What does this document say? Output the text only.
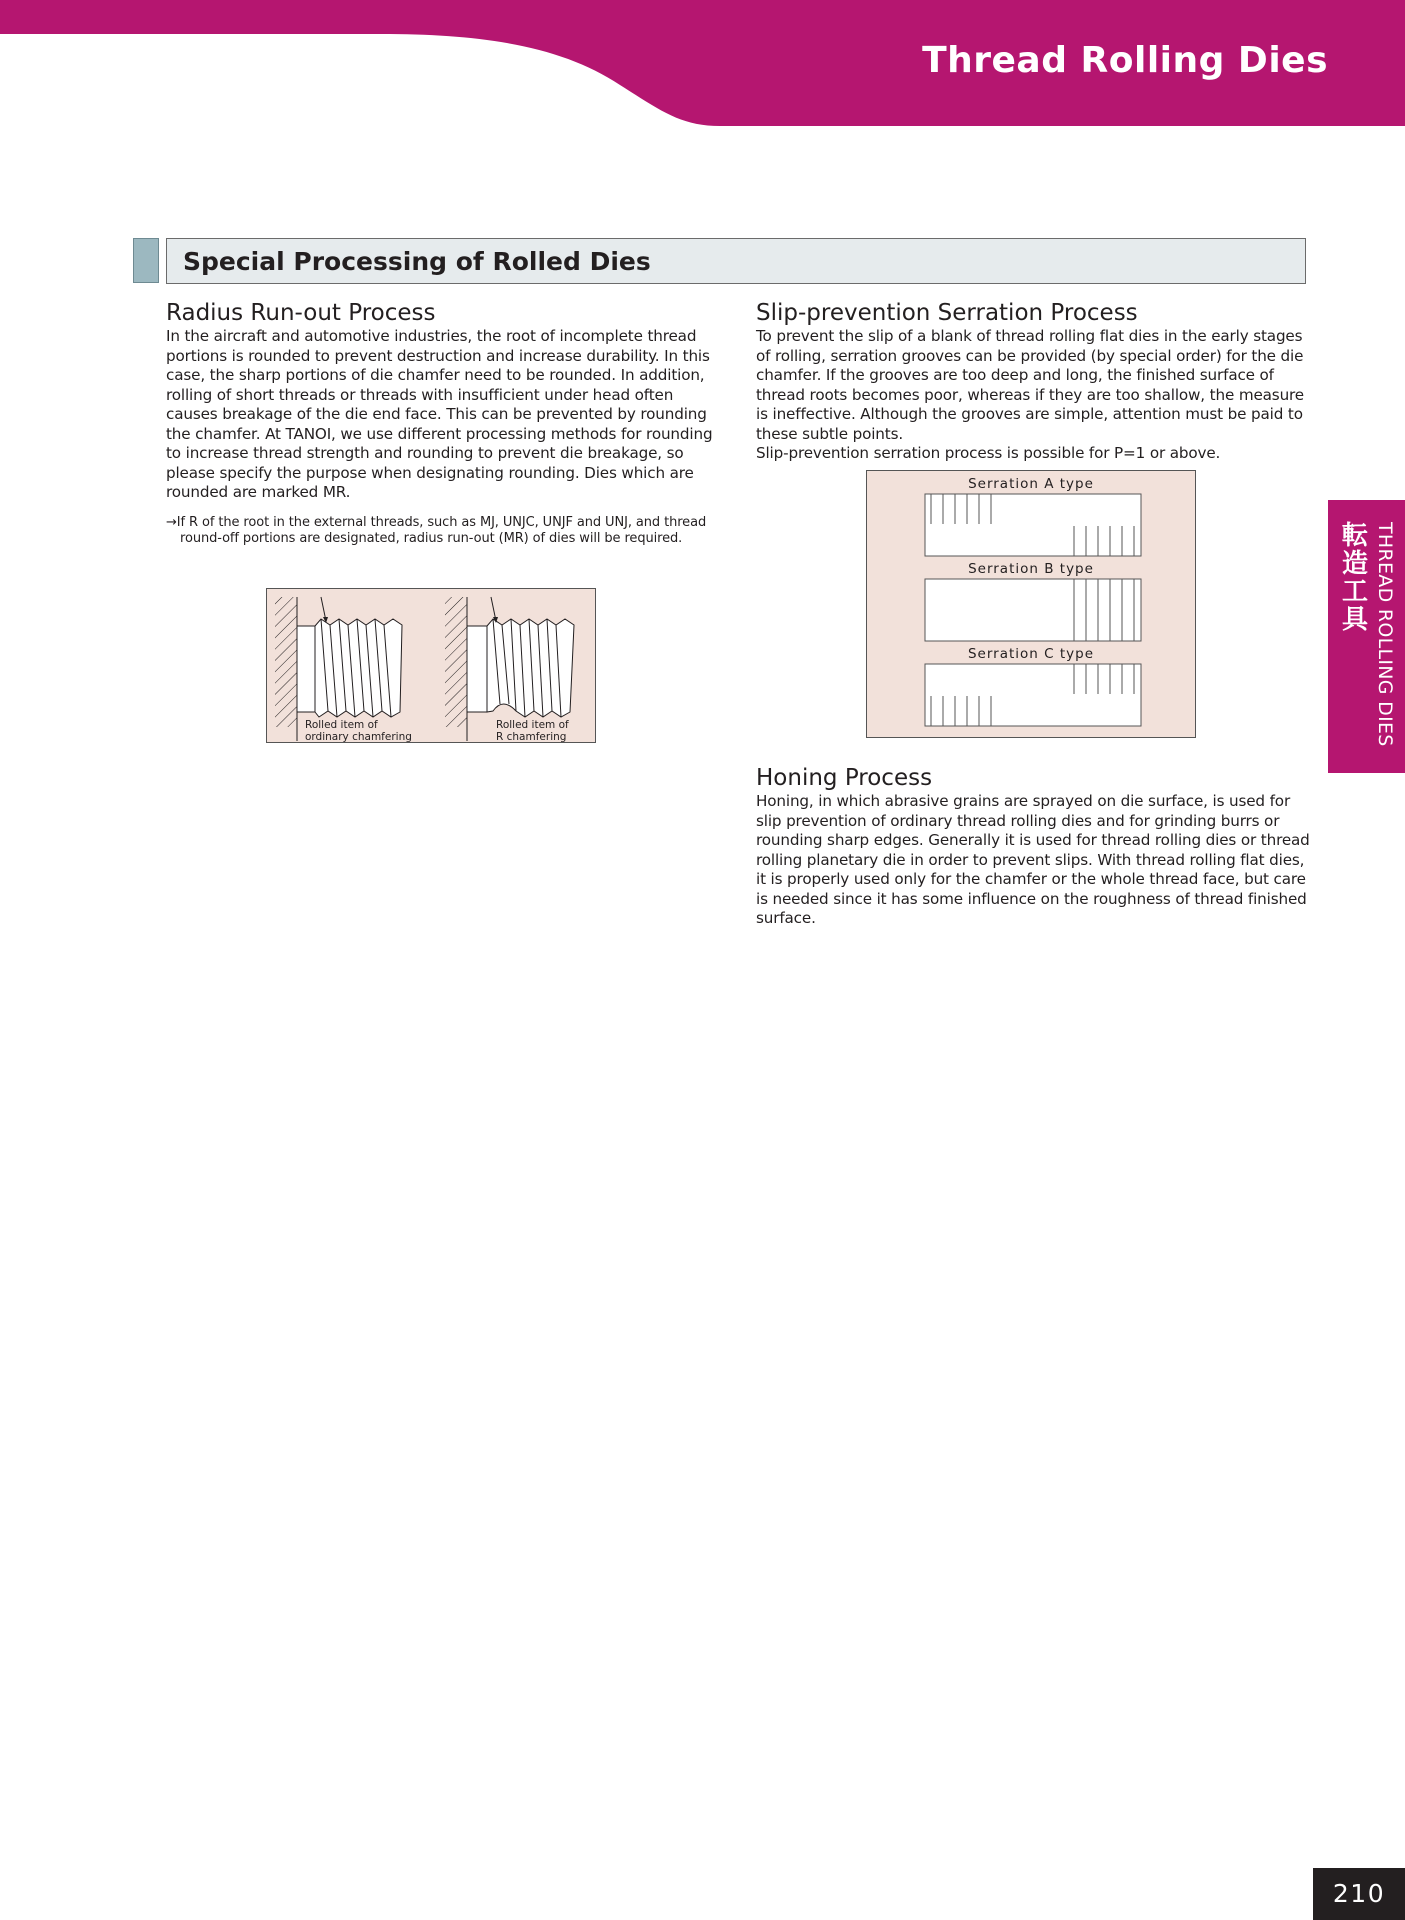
Thread Rolling Dies
Special Processing of Rolled Dies
Radius Run-out Process

In the aircraft and automotive industries, the root of incomplete thread portions is rounded to prevent destruction and increase durability. In this case, the sharp portions of die chamfer need to be rounded. In addition, rolling of short threads or threads with insufficient under head often causes breakage of the die end face. This can be prevented by rounding the chamfer. At TANOI, we use different processing methods for rounding to increase thread strength and rounding to prevent die breakage, so please specify the purpose when designating rounding. Dies which are rounded are marked MR.

→If R of the root in the external threads, such as MJ, UNJC, UNJF and UNJ, and thread round-off portions are designated, radius run-out (MR) of dies will be required.

Rolled item of
ordinary chamfering
Rolled item of
R chamfering
Slip-prevention Serration Process

To prevent the slip of a blank of thread rolling flat dies in the early stages of rolling, serration grooves can be provided (by special order) for the die chamfer. If the grooves are too deep and long, the finished surface of thread roots becomes poor, whereas if they are too shallow, the measure is ineffective. Although the grooves are simple, attention must be paid to these subtle points.

Slip-prevention serration process is possible for P=1 or above.

Serration A type
Serration B type
Serration C type
Honing Process

Honing, in which abrasive grains are sprayed on die surface, is used for slip prevention of ordinary thread rolling dies and for grinding burrs or rounding sharp edges. Generally it is used for thread rolling dies or thread rolling planetary die in order to prevent slips. With thread rolling flat dies, it is properly used only for the chamfer or the whole thread face, but care is needed since it has some influence on the roughness of thread finished surface.

転造工具 THREAD ROLLING DIES
210
